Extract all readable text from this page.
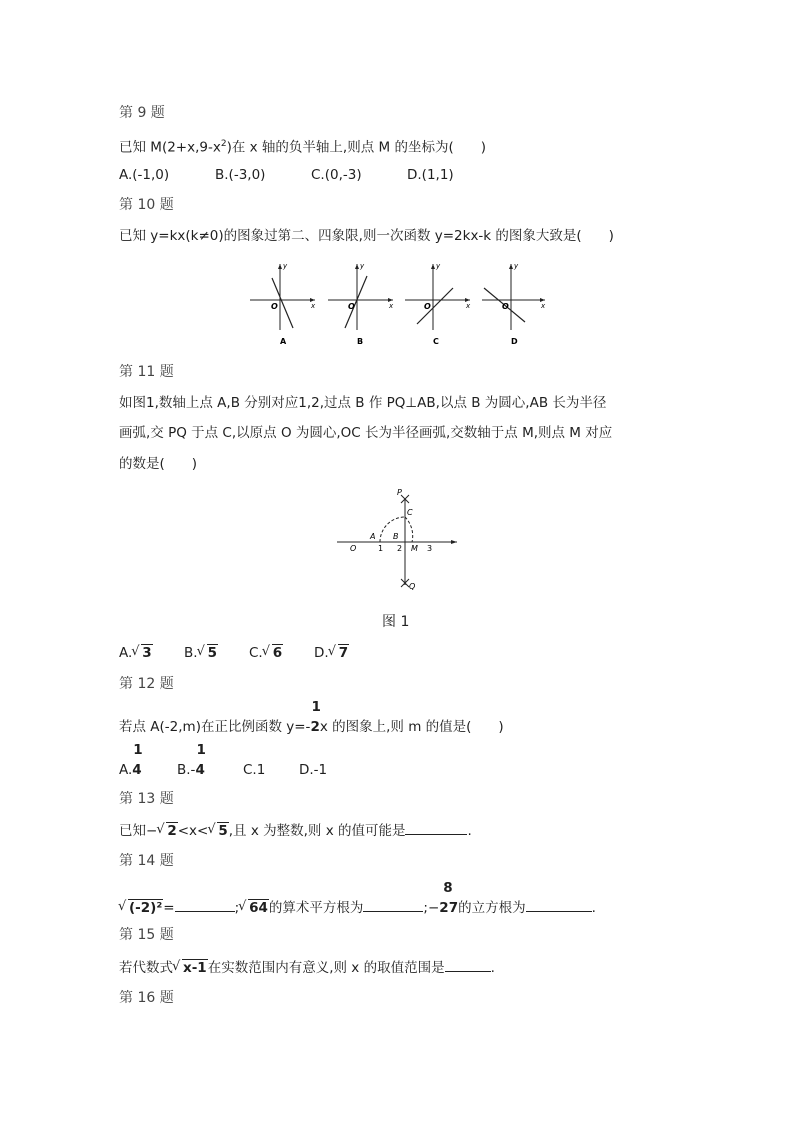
第 9 题
已知 $M(2+x,9-x^2)$在 x 轴的负半轴上,则点 M 的坐标为(　　)
A.(-1,0)	B.(-3,0)	C.(0,-3)	D.(1,1)
第 10 题
已知 y=kx(k≠0)的图象过第二、四象限,则一次函数 y=2kx-k 的图象大致是(　　)
y
x
O
A
y
x
O
B
y
x
O
C
y
x
O
D
第 11 题
如图1,数轴上点 A,B 分别对应1,2,过点 B 作 PQ⊥AB,以点 B 为圆心,AB 长为半径
画弧,交 PQ 于点 C,以原点 O 为圆心,OC 长为半径画弧,交数轴于点 M,则点 M 对应
的数是(　　)
O
A B
C
M
P
Q
1 2	3
图 1
A. √ 3 B. √ 5 C. √ 6 D. √ 7
第 12 题
若点 A(-2,m)在正比例函数 y=-
1
2x 的图象上,则 m 的值是(　　)
A.
1
4	B.-
1
4	C.1 D.-1
第 13 题
已知− √ 2<x< √ 5,且 x 为整数,则 x 的值可能是	.
第 14 题
√ (-2)²=	; √ 64的算术平方根为	;−
8
27的立方根为	.
第 15 题
若代数式 √ x-1在实数范围内有意义,则 x 的取值范围是	.
第 16 题
